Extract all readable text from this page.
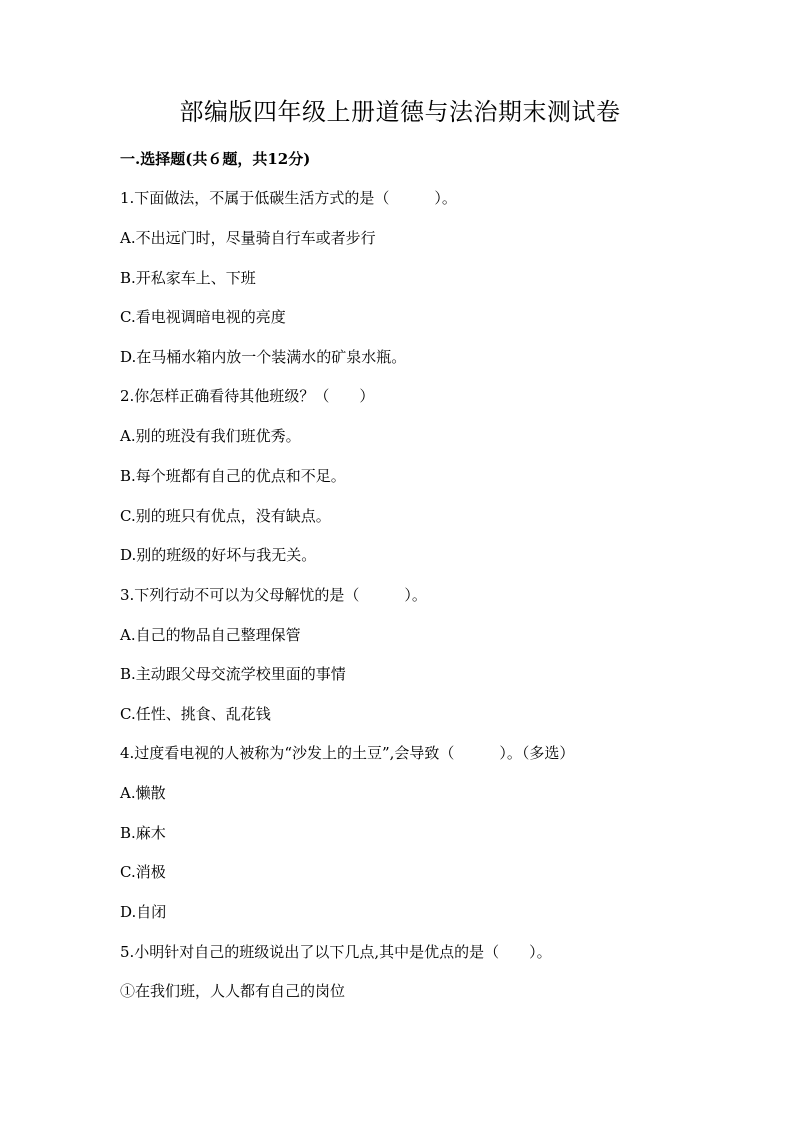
部编版四年级上册道德与法治期末测试卷
一.选择题(共６题，共12分)
1.下面做法，不属于低碳生活方式的是（　　　）。
A.不出远门时，尽量骑自行车或者步行
B.开私家车上、下班
C.看电视调暗电视的亮度
D.在马桶水箱内放一个装满水的矿泉水瓶。
2.你怎样正确看待其他班级？（　　）
A.别的班没有我们班优秀。
B.每个班都有自己的优点和不足。
C.别的班只有优点，没有缺点。
D.别的班级的好坏与我无关。
3.下列行动不可以为父母解忧的是（　　　）。
A.自己的物品自己整理保管
B.主动跟父母交流学校里面的事情
C.任性、挑食、乱花钱
4.过度看电视的人被称为“沙发上的土豆”,会导致（　　　）。（多选）
A.懒散
B.麻木
C.消极
D.自闭
5.小明针对自己的班级说出了以下几点,其中是优点的是（　　）。
①在我们班，人人都有自己的岗位
